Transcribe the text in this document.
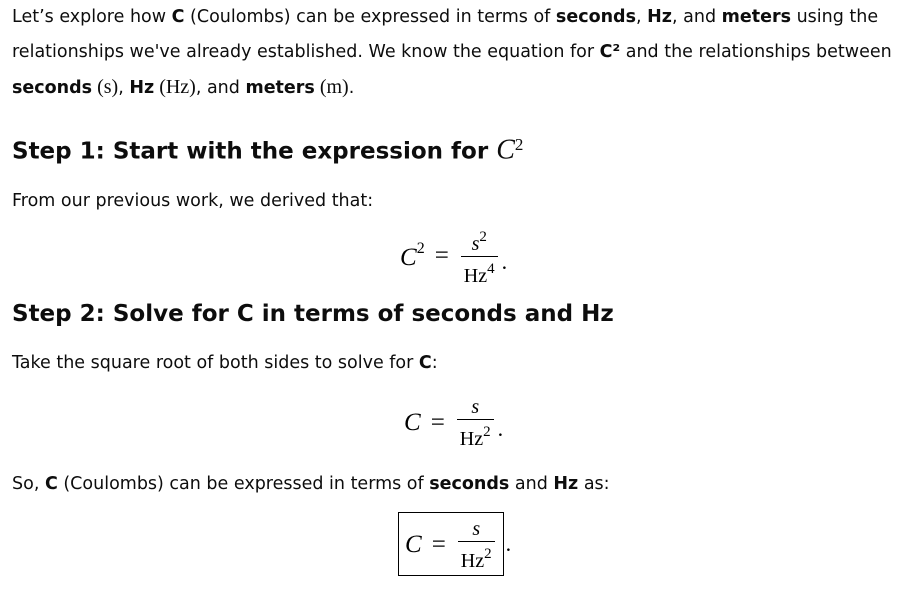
Let’s explore how C (Coulombs) can be expressed in terms of seconds, Hz, and meters using the
relationships we've already established. We know the equation for C² and the relationships between
seconds (s), Hz (Hz), and meters (m).

Step 1: Start with the expression for $C^2$

From our previous work, we derived that:

$C^2 = \frac{s^2}{Hz^4}$ .
Step 2: Solve for C in terms of seconds and Hz

Take the square root of both sides to solve for C:

$C = \frac{s}{Hz^2}$ .

So, C (Coulombs) can be expressed in terms of seconds and Hz as:

$C = \frac{s}{Hz^2}$ .
